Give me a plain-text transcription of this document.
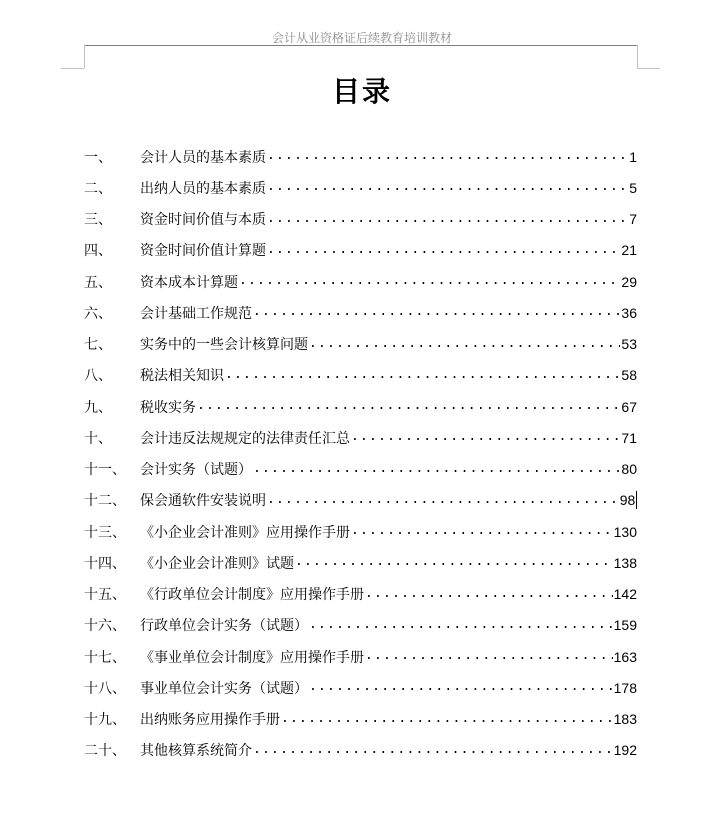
会计从业资格证后续教育培训教材
目录
一、	会计人员的基本素质 .....	1
二、	出纳人员的基本素质 .....	5
三、	资金时间价值与本质 .....	7
四、	资金时间价值计算题 .....	21
五、	资本成本计算题 .....	29
六、	会计基础工作规范 .....	36
七、	实务中的一些会计核算问题 .....	53
八、	税法相关知识 .....	58
九、	税收实务 .....	67
十、	会计违反法规规定的法律责任汇总 .....	71
十一、	会计实务（试题） .....	80
十二、	保会通软件安装说明 .....	98
十三、	《小企业会计准则》应用操作手册 .....	130
十四、	《小企业会计准则》试题 .....	138
十五、	《行政单位会计制度》应用操作手册 .....	142
十六、	行政单位会计实务（试题） .....	159
十七、	《事业单位会计制度》应用操作手册 .....	163
十八、	事业单位会计实务（试题） .....	178
十九、	出纳账务应用操作手册 .....	183
二十、	其他核算系统简介 .....	192
